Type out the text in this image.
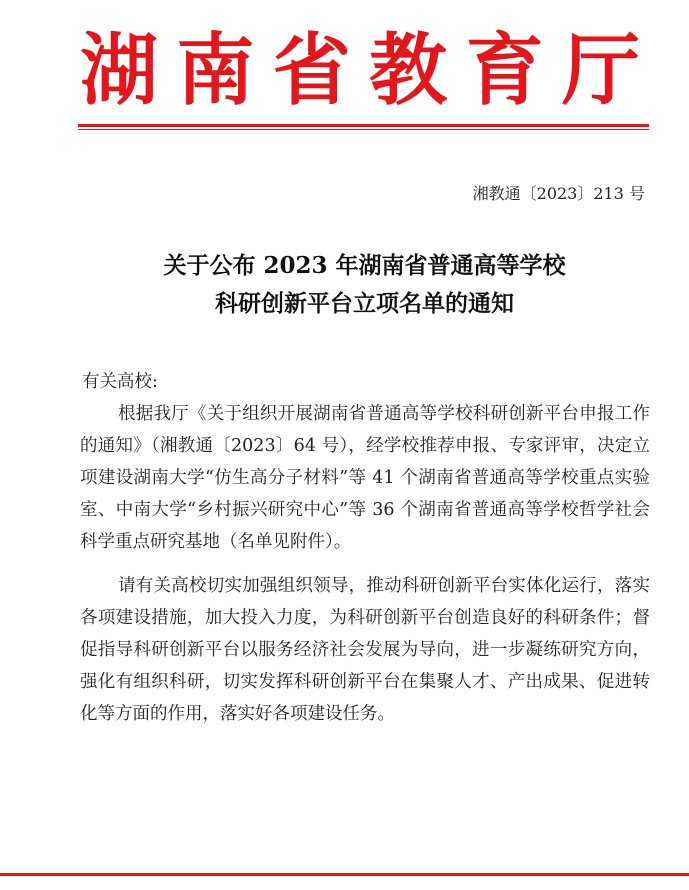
湖 南 省 教 育 厅
湘教通〔2023〕213 号
关于公布 2023 年湖南省普通高等学校
科研创新平台立项名单的通知

有关高校:

根据我厅《关于组织开展湖南省普通高等学校科研创新平台申报工作的通知》（湘教通〔2023〕64 号），经学校推荐申报、专家评审，决定立项建设湖南大学“仿生高分子材料”等 41 个湖南省普通高等学校重点实验室、中南大学“乡村振兴研究中心”等 36 个湖南省普通高等学校哲学社会科学重点研究基地（名单见附件）。

请有关高校切实加强组织领导，推动科研创新平台实体化运行，落实各项建设措施，加大投入力度，为科研创新平台创造良好的科研条件；督促指导科研创新平台以服务经济社会发展为导向，进一步凝练研究方向，强化有组织科研，切实发挥科研创新平台在集聚人才、产出成果、促进转化等方面的作用，落实好各项建设任务。
